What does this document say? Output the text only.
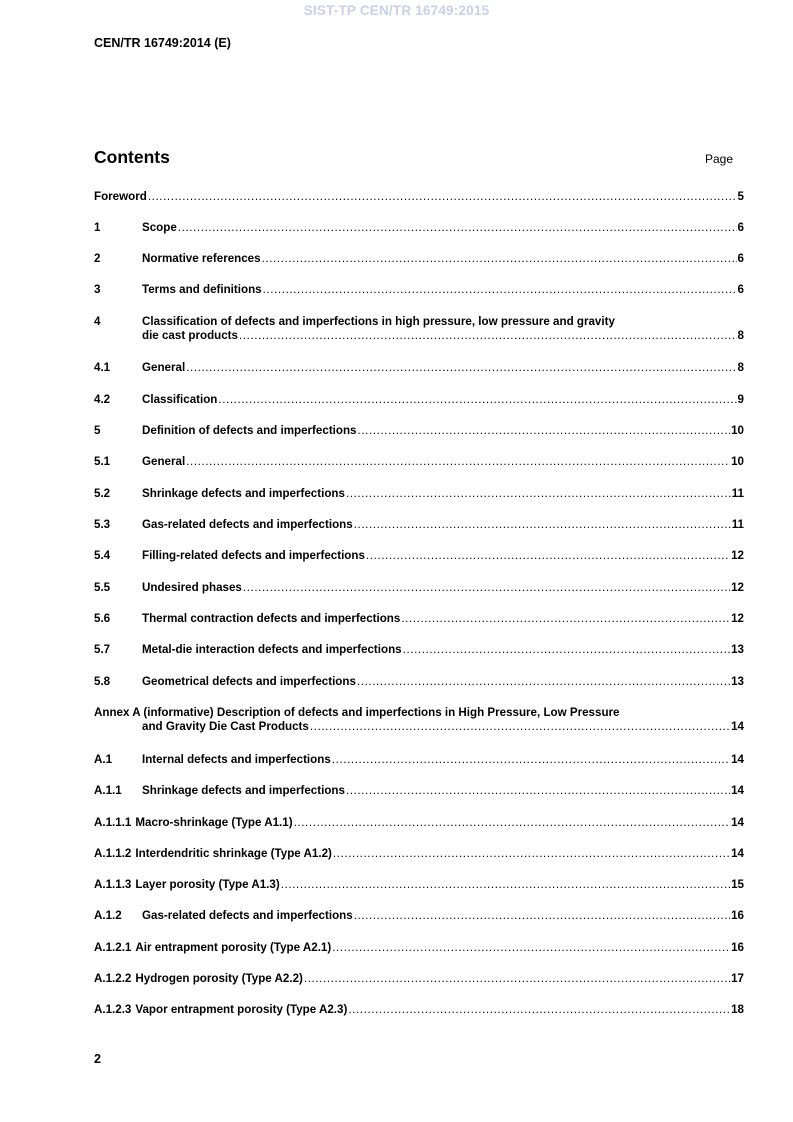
SIST-TP CEN/TR 16749:2015
CEN/TR 16749:2014 (E)
Contents	Page
Foreword .....	5
1	Scope .....	6
2	Normative references .....	6
3	Terms and definitions .....	6
4	Classification of defects and imperfections in high pressure, low pressure and gravity
die cast products .....	8
4.1	General .....	8
4.2	Classification .....	9
5	Definition of defects and imperfections .....	10
5.1	General .....	10
5.2	Shrinkage defects and imperfections .....	11
5.3	Gas-related defects and imperfections .....	11
5.4	Filling-related defects and imperfections .....	12
5.5	Undesired phases .....	12
5.6	Thermal contraction defects and imperfections .....	12
5.7	Metal-die interaction defects and imperfections .....	13
5.8	Geometrical defects and imperfections .....	13
Annex A (informative) Description of defects and imperfections in High Pressure, Low Pressure
and Gravity Die Cast Products .....	14
A.1	Internal defects and imperfections .....	14
A.1.1	Shrinkage defects and imperfections .....	14
A.1.1.1 Macro-shrinkage (Type A1.1) .....	14
A.1.1.2 Interdendritic shrinkage (Type A1.2) .....	14
A.1.1.3 Layer porosity (Type A1.3) .....	15
A.1.2	Gas-related defects and imperfections .....	16
A.1.2.1 Air entrapment porosity (Type A2.1) .....	16
A.1.2.2 Hydrogen porosity (Type A2.2) .....	17
A.1.2.3 Vapor entrapment porosity (Type A2.3) .....	18
2
